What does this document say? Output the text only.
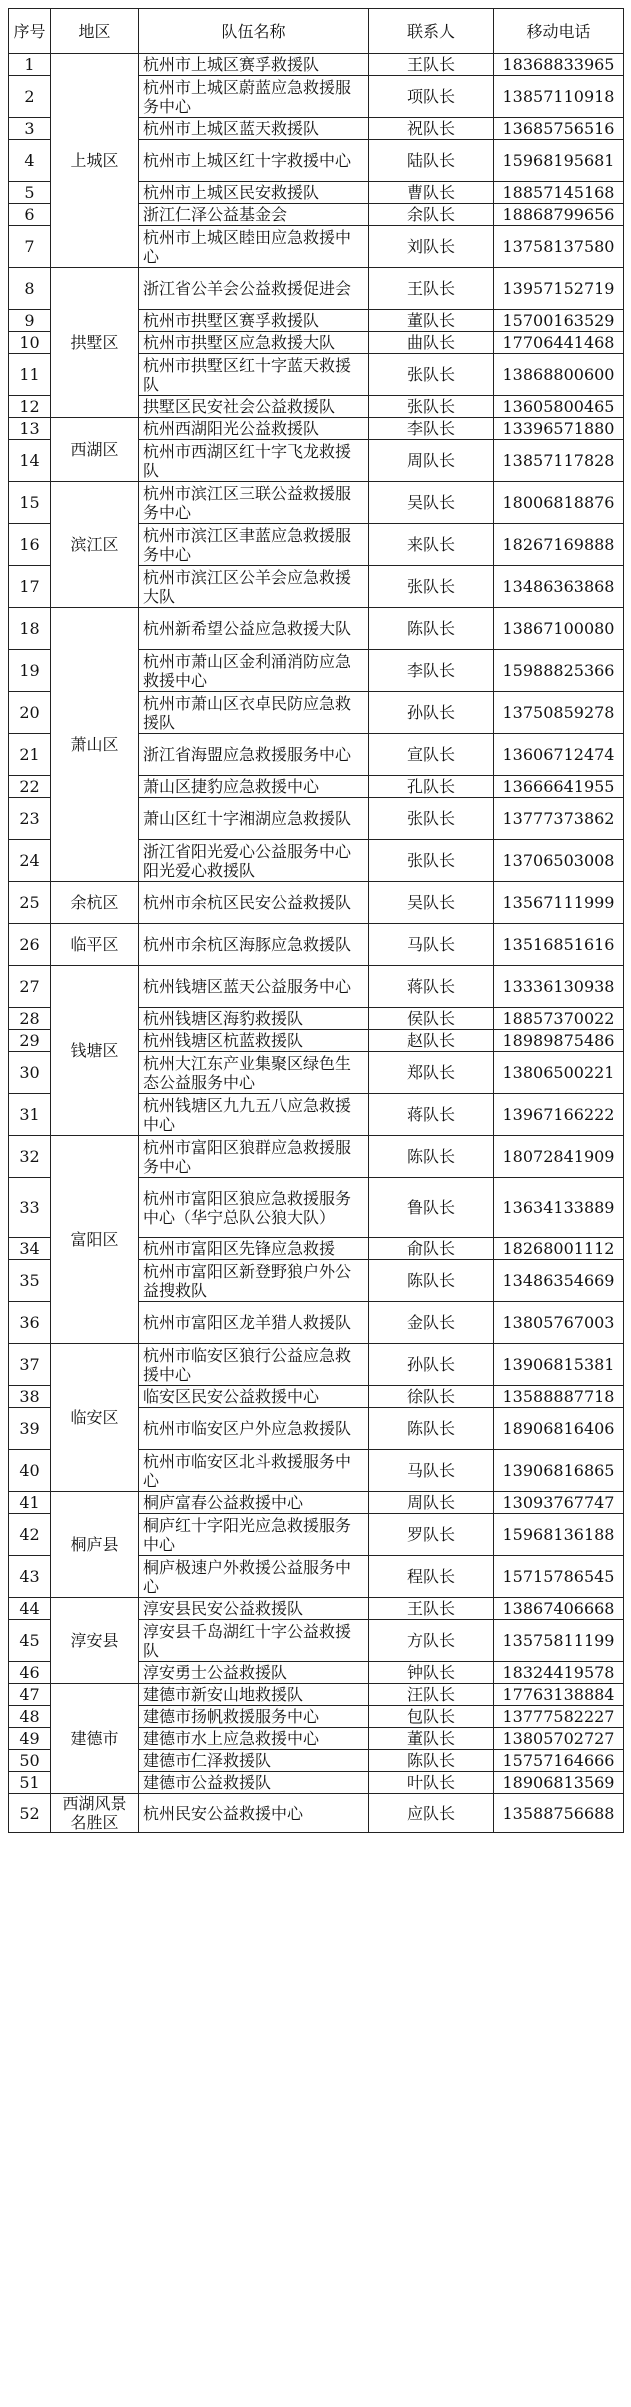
序号	地区	队伍名称	联系人	移动电话
1	上城区	杭州市上城区赛孚救援队	王队长	18368833965
2		杭州市上城区蔚蓝应急救援服务中心	项队长	13857110918
3		杭州市上城区蓝天救援队	祝队长	13685756516
4		杭州市上城区红十字救援中心	陆队长	15968195681
5		杭州市上城区民安救援队	曹队长	18857145168
6		浙江仁泽公益基金会	余队长	18868799656
7		杭州市上城区睦田应急救援中心	刘队长	13758137580
8	拱墅区	浙江省公羊会公益救援促进会	王队长	13957152719
9		杭州市拱墅区赛孚救援队	董队长	15700163529
10		杭州市拱墅区应急救援大队	曲队长	17706441468
11		杭州市拱墅区红十字蓝天救援队	张队长	13868800600
12		拱墅区民安社会公益救援队	张队长	13605800465
13	西湖区	杭州西湖阳光公益救援队	李队长	13396571880
14		杭州市西湖区红十字飞龙救援队	周队长	13857117828
15	滨江区	杭州市滨江区三联公益救援服务中心	吴队长	18006818876
16		杭州市滨江区聿蓝应急救援服务中心	来队长	18267169888
17		杭州市滨江区公羊会应急救援大队	张队长	13486363868
18	萧山区	杭州新希望公益应急救援大队	陈队长	13867100080
19		杭州市萧山区金利涌消防应急救援中心	李队长	15988825366
20		杭州市萧山区衣卓民防应急救援队	孙队长	13750859278
21		浙江省海盟应急救援服务中心	宣队长	13606712474
22		萧山区捷豹应急救援中心	孔队长	13666641955
23		萧山区红十字湘湖应急救援队	张队长	13777373862
24		浙江省阳光爱心公益服务中心阳光爱心救援队	张队长	13706503008
25	余杭区	杭州市余杭区民安公益救援队	吴队长	13567111999
26	临平区	杭州市余杭区海豚应急救援队	马队长	13516851616
27	钱塘区	杭州钱塘区蓝天公益服务中心	蒋队长	13336130938
28		杭州钱塘区海豹救援队	侯队长	18857370022
29		杭州钱塘区杭蓝救援队	赵队长	18989875486
30		杭州大江东产业集聚区绿色生态公益服务中心	郑队长	13806500221
31		杭州钱塘区九九五八应急救援中心	蒋队长	13967166222
32	富阳区	杭州市富阳区狼群应急救援服务中心	陈队长	18072841909
33		杭州市富阳区狼应急救援服务中心（华宁总队公狼大队）	鲁队长	13634133889
34		杭州市富阳区先锋应急救援	俞队长	18268001112
35		杭州市富阳区新登野狼户外公益搜救队	陈队长	13486354669
36		杭州市富阳区龙羊猎人救援队	金队长	13805767003
37	临安区	杭州市临安区狼行公益应急救援中心	孙队长	13906815381
38		临安区民安公益救援中心	徐队长	13588887718
39		杭州市临安区户外应急救援队	陈队长	18906816406
40		杭州市临安区北斗救援服务中心	马队长	13906816865
41	桐庐县	桐庐富春公益救援中心	周队长	13093767747
42		桐庐红十字阳光应急救援服务中心	罗队长	15968136188
43		桐庐极速户外救援公益服务中心	程队长	15715786545
44	淳安县	淳安县民安公益救援队	王队长	13867406668
45		淳安县千岛湖红十字公益救援队	方队长	13575811199
46		淳安勇士公益救援队	钟队长	18324419578
47	建德市	建德市新安山地救援队	汪队长	17763138884
48		建德市扬帆救援服务中心	包队长	13777582227
49		建德市水上应急救援中心	董队长	13805702727
50		建德市仁泽救援队	陈队长	15757164666
51		建德市公益救援队	叶队长	18906813569
52	西湖风景名胜区	杭州民安公益救援中心	应队长	13588756688
